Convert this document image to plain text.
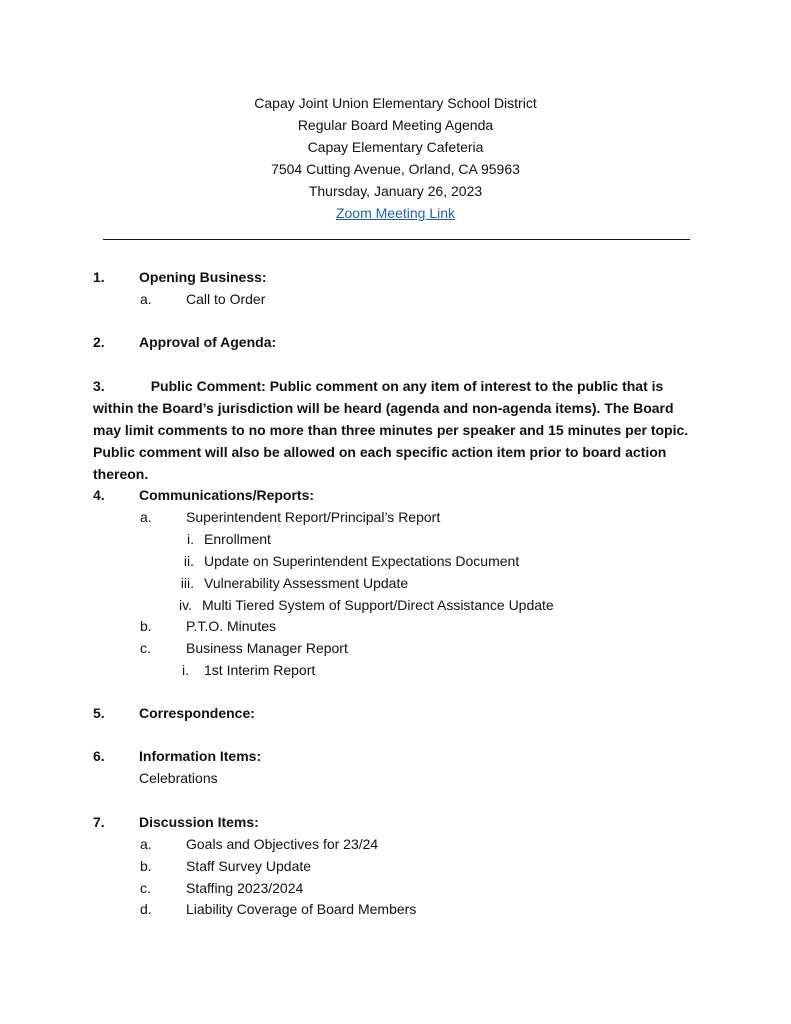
Capay Joint Union Elementary School District
Regular Board Meeting Agenda
Capay Elementary Cafeteria
7504 Cutting Avenue, Orland, CA 95963
Thursday, January 26, 2023
Zoom Meeting Link
1. Opening Business:
a. Call to Order
2. Approval of Agenda:
3.	Public Comment: Public comment on any item of interest to the public that is within the Board’s jurisdiction will be heard (agenda and non-agenda items). The Board may limit comments to no more than three minutes per speaker and 15 minutes per topic. Public comment will also be allowed on each specific action item prior to board action thereon.
4. Communications/Reports:
a. Superintendent Report/Principal’s Report
i. Enrollment
ii. Update on Superintendent Expectations Document
iii. Vulnerability Assessment Update
iv. Multi Tiered System of Support/Direct Assistance Update
b. P.T.O. Minutes
c.	Business Manager Report
i. 1st Interim Report
5. Correspondence:
6. Information Items:
Celebrations
7. Discussion Items:
a. Goals and Objectives for 23/24
b. Staff Survey Update
c.	Staffing 2023/2024
d. Liability Coverage of Board Members
